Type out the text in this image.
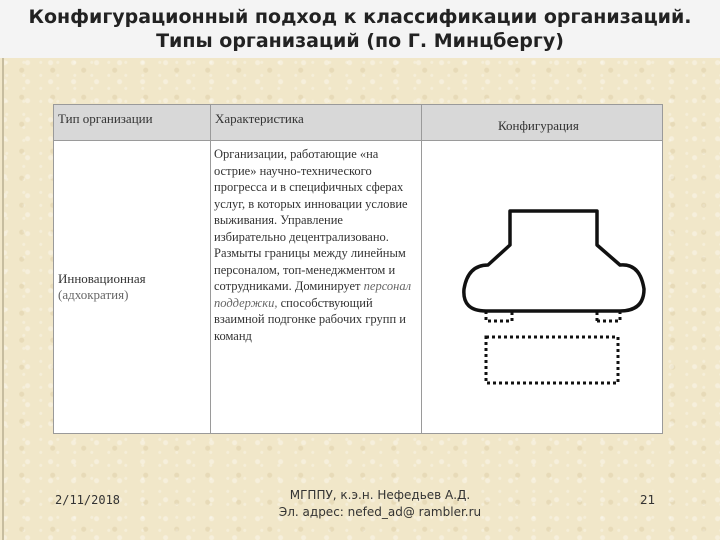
Конфигурационный подход к классификации организаций.
Типы организаций (по Г. Минцбергу)
Тип организации	Характеристика	Конфигурация

Инновационная
(адхократия)	Организации, работающие «на острие» научно-технического прогресса и в специфичных сферах услуг, в которых инновации условие выживания. Управление избирательно децентрализовано. Размыты границы между линейным персоналом, топ-менеджментом и сотрудниками. Доминирует персонал поддержки, способствующий взаимной подгонке рабочих групп и команд	
2/11/2018	МГППУ, к.э.н. Нефедьев А.Д.
Эл. адрес: nefed_ad@ rambler.ru
21
